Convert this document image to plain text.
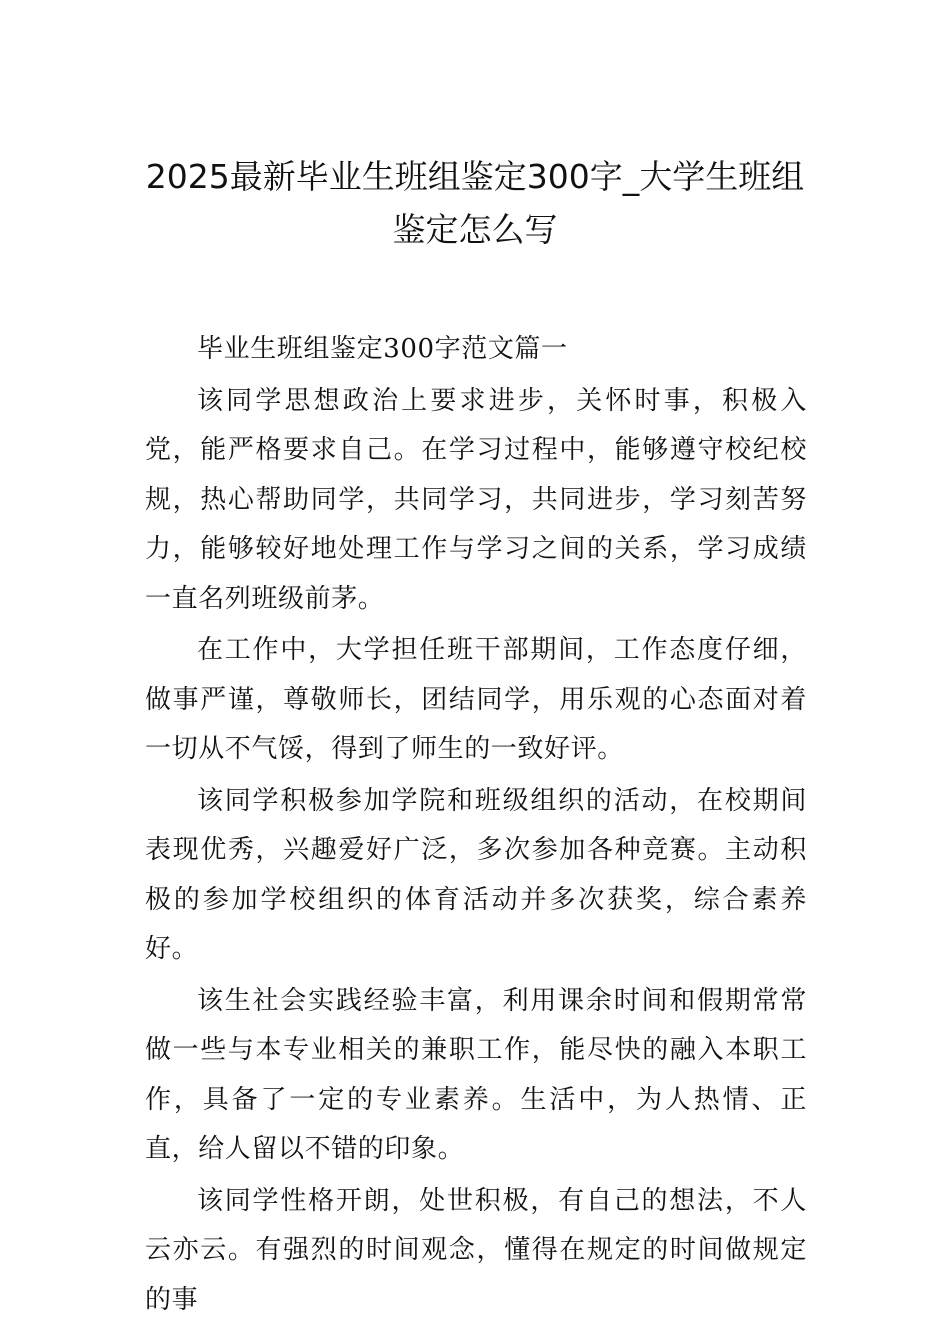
2025最新毕业生班组鉴定300字_大学生班组鉴定怎么写

毕业生班组鉴定300字范文篇一

该同学思想政治上要求进步，关怀时事，积极入党，能严格要求自己。在学习过程中，能够遵守校纪校规，热心帮助同学，共同学习，共同进步，学习刻苦努力，能够较好地处理工作与学习之间的关系，学习成绩一直名列班级前茅。

在工作中，大学担任班干部期间，工作态度仔细，做事严谨，尊敬师长，团结同学，用乐观的心态面对着一切从不气馁，得到了师生的一致好评。

该同学积极参加学院和班级组织的活动，在校期间表现优秀，兴趣爱好广泛，多次参加各种竞赛。主动积极的参加学校组织的体育活动并多次获奖，综合素养好。

该生社会实践经验丰富，利用课余时间和假期常常做一些与本专业相关的兼职工作，能尽快的融入本职工作，具备了一定的专业素养。生活中，为人热情、正直，给人留以不错的印象。

该同学性格开朗，处世积极，有自己的想法，不人云亦云。有强烈的时间观念，懂得在规定的时间做规定的事
